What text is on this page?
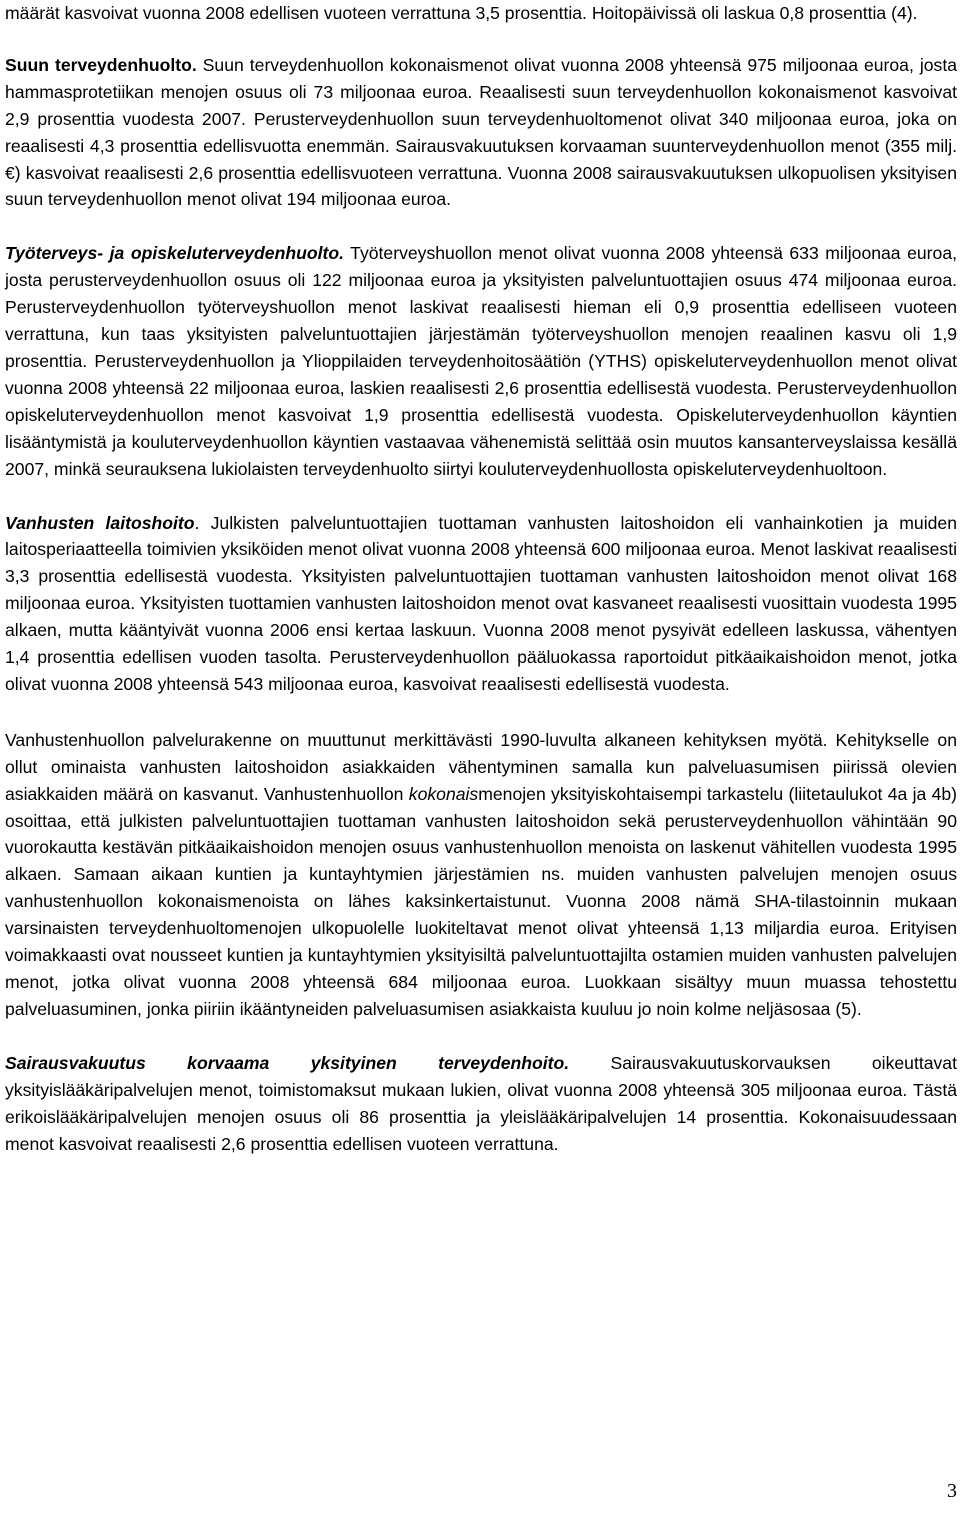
määrät kasvoivat vuonna 2008 edellisen vuoteen verrattuna 3,5 prosenttia. Hoitopäivissä oli laskua 0,8 prosenttia (4).

Suun terveydenhuolto. Suun terveydenhuollon kokonaismenot olivat vuonna 2008 yhteensä 975 miljoonaa euroa, josta hammasprotetiikan menojen osuus oli 73 miljoonaa euroa. Reaalisesti suun terveydenhuollon kokonaismenot kasvoivat 2,9 prosenttia vuodesta 2007. Perusterveydenhuollon suun terveydenhuoltomenot olivat 340 miljoonaa euroa, joka on reaalisesti 4,3 prosenttia edellisvuotta enemmän. Sairausvakuutuksen korvaaman suunterveydenhuollon menot (355 milj. €) kasvoivat reaalisesti 2,6 prosenttia edellisvuoteen verrattuna. Vuonna 2008 sairausvakuutuksen ulkopuolisen yksityisen suun terveydenhuollon menot olivat 194 miljoonaa euroa.

Työterveys- ja opiskeluterveydenhuolto. Työterveyshuollon menot olivat vuonna 2008 yhteensä 633 miljoonaa euroa, josta perusterveydenhuollon osuus oli 122 miljoonaa euroa ja yksityisten palveluntuottajien osuus 474 miljoonaa euroa. Perusterveydenhuollon työterveyshuollon menot laskivat reaalisesti hieman eli 0,9 prosenttia edelliseen vuoteen verrattuna, kun taas yksityisten palveluntuottajien järjestämän työterveyshuollon menojen reaalinen kasvu oli 1,9 prosenttia. Perusterveydenhuollon ja Ylioppilaiden terveydenhoitosäätiön (YTHS) opiskeluterveydenhuollon menot olivat vuonna 2008 yhteensä 22 miljoonaa euroa, laskien reaalisesti 2,6 prosenttia edellisestä vuodesta. Perusterveydenhuollon opiskeluterveydenhuollon menot kasvoivat 1,9 prosenttia edellisestä vuodesta. Opiskeluterveydenhuollon käyntien lisääntymistä ja kouluterveydenhuollon käyntien vastaavaa vähenemistä selittää osin muutos kansanterveyslaissa kesällä 2007, minkä seurauksena lukiolaisten terveydenhuolto siirtyi kouluterveydenhuollosta opiskeluterveydenhuoltoon.

Vanhusten laitoshoito. Julkisten palveluntuottajien tuottaman vanhusten laitoshoidon eli vanhainkotien ja muiden laitosperiaatteella toimivien yksiköiden menot olivat vuonna 2008 yhteensä 600 miljoonaa euroa. Menot laskivat reaalisesti 3,3 prosenttia edellisestä vuodesta. Yksityisten palveluntuottajien tuottaman vanhusten laitoshoidon menot olivat 168 miljoonaa euroa. Yksityisten tuottamien vanhusten laitoshoidon menot ovat kasvaneet reaalisesti vuosittain vuodesta 1995 alkaen, mutta kääntyivät vuonna 2006 ensi kertaa laskuun. Vuonna 2008 menot pysyivät edelleen laskussa, vähentyen 1,4 prosenttia edellisen vuoden tasolta. Perusterveydenhuollon pääluokassa raportoidut pitkäaikaishoidon menot, jotka olivat vuonna 2008 yhteensä 543 miljoonaa euroa, kasvoivat reaalisesti edellisestä vuodesta.

Vanhustenhuollon palvelurakenne on muuttunut merkittävästi 1990-luvulta alkaneen kehityksen myötä. Kehitykselle on ollut ominaista vanhusten laitoshoidon asiakkaiden vähentyminen samalla kun palveluasumisen piirissä olevien asiakkaiden määrä on kasvanut. Vanhustenhuollon kokonaismenojen yksityiskohtaisempi tarkastelu (liitetaulukot 4a ja 4b) osoittaa, että julkisten palveluntuottajien tuottaman vanhusten laitoshoidon sekä perusterveydenhuollon vähintään 90 vuorokautta kestävän pitkäaikaishoidon menojen osuus vanhustenhuollon menoista on laskenut vähitellen vuodesta 1995 alkaen. Samaan aikaan kuntien ja kuntayhtymien järjestämien ns. muiden vanhusten palvelujen menojen osuus vanhustenhuollon kokonaismenoista on lähes kaksinkertaistunut. Vuonna 2008 nämä SHA-tilastoinnin mukaan varsinaisten terveydenhuoltomenojen ulkopuolelle luokiteltavat menot olivat yhteensä 1,13 miljardia euroa. Erityisen voimakkaasti ovat nousseet kuntien ja kuntayhtymien yksityisiltä palveluntuottajilta ostamien muiden vanhusten palvelujen menot, jotka olivat vuonna 2008 yhteensä 684 miljoonaa euroa. Luokkaan sisältyy muun muassa tehostettu palveluasuminen, jonka piiriin ikääntyneiden palveluasumisen asiakkaista kuuluu jo noin kolme neljäsosaa (5).

Sairausvakuutus korvaama yksityinen terveydenhoito. Sairausvakuutuskorvauksen oikeuttavat yksityislääkäripalvelujen menot, toimistomaksut mukaan lukien, olivat vuonna 2008 yhteensä 305 miljoonaa euroa. Tästä erikoislääkäripalvelujen menojen osuus oli 86 prosenttia ja yleislääkäripalvelujen 14 prosenttia. Kokonaisuudessaan menot kasvoivat reaalisesti 2,6 prosenttia edellisen vuoteen verrattuna.

3
